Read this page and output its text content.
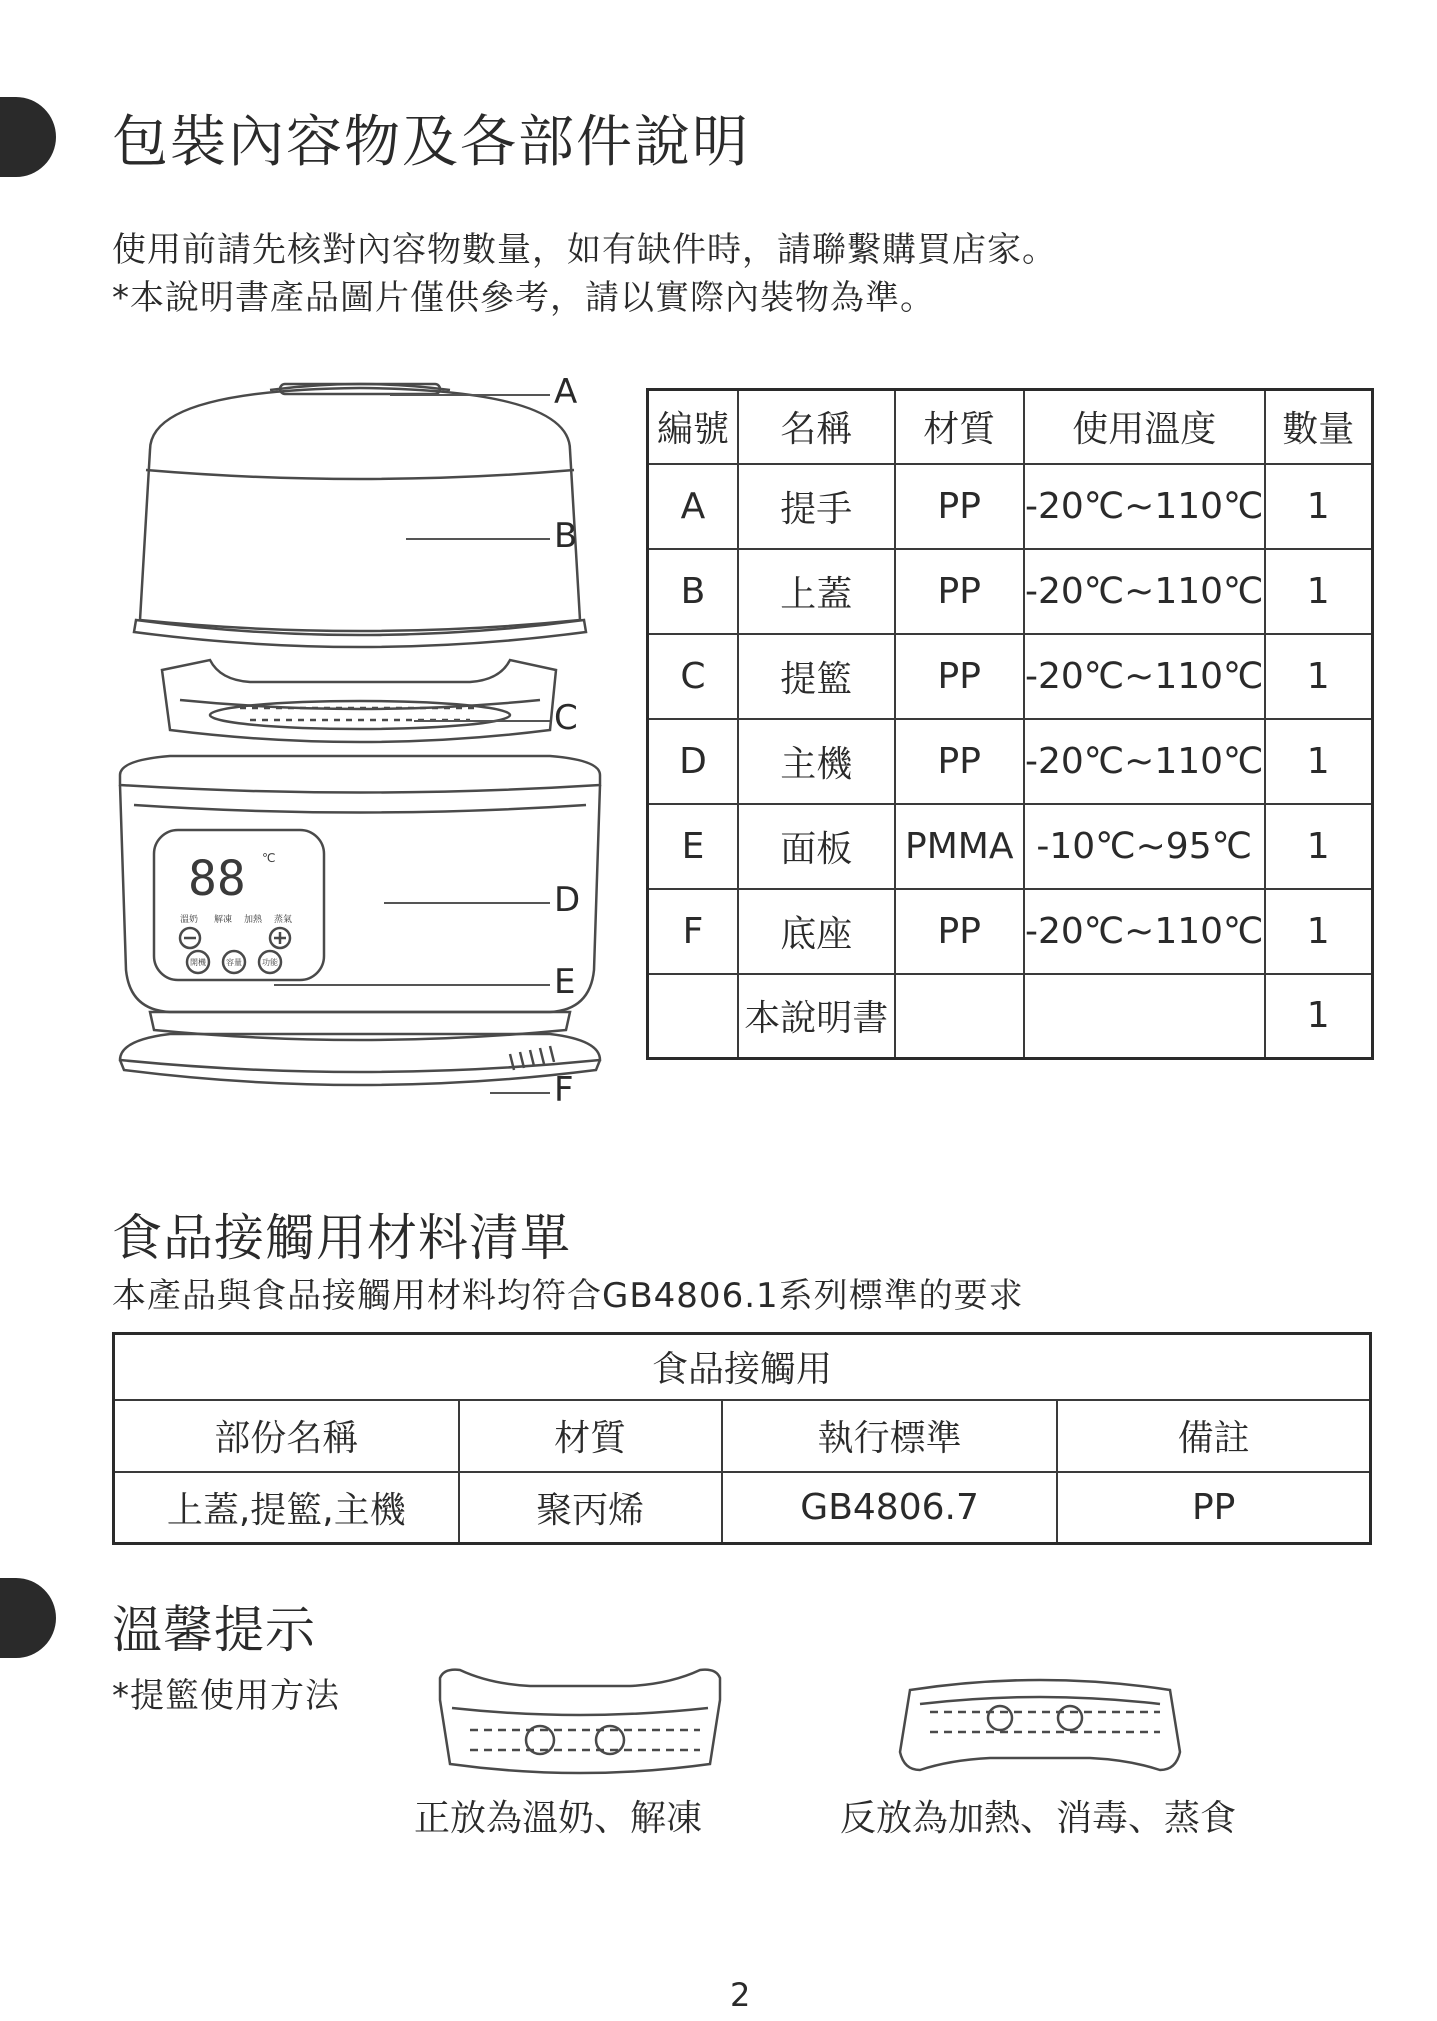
包裝內容物及各部件說明

使用前請先核對內容物數量，如有缺件時，請聯繫購買店家。

*本說明書產品圖片僅供參考，請以實際內裝物為準。

88 ℃
溫奶 解凍 加熱 蒸氣
開機	容量	功能
A
B
C
D
E
F
編號	名稱	材質	使用溫度	數量
A	提手	PP	-20℃~110℃	1
B	上蓋	PP	-20℃~110℃	1
C	提籃	PP	-20℃~110℃	1
D	主機	PP	-20℃~110℃	1
E	面板	PMMA	-10℃~95℃	1
F	底座	PP	-20℃~110℃	1
	本說明書			1
食品接觸用材料清單

本產品與食品接觸用材料均符合GB4806.1系列標準的要求

食品接觸用			
部份名稱	材質	執行標準	備註
上蓋,提籃,主機	聚丙烯	GB4806.7	PP
溫馨提示

*提籃使用方法

正放為溫奶、解凍	反放為加熱、消毒、蒸食
2
